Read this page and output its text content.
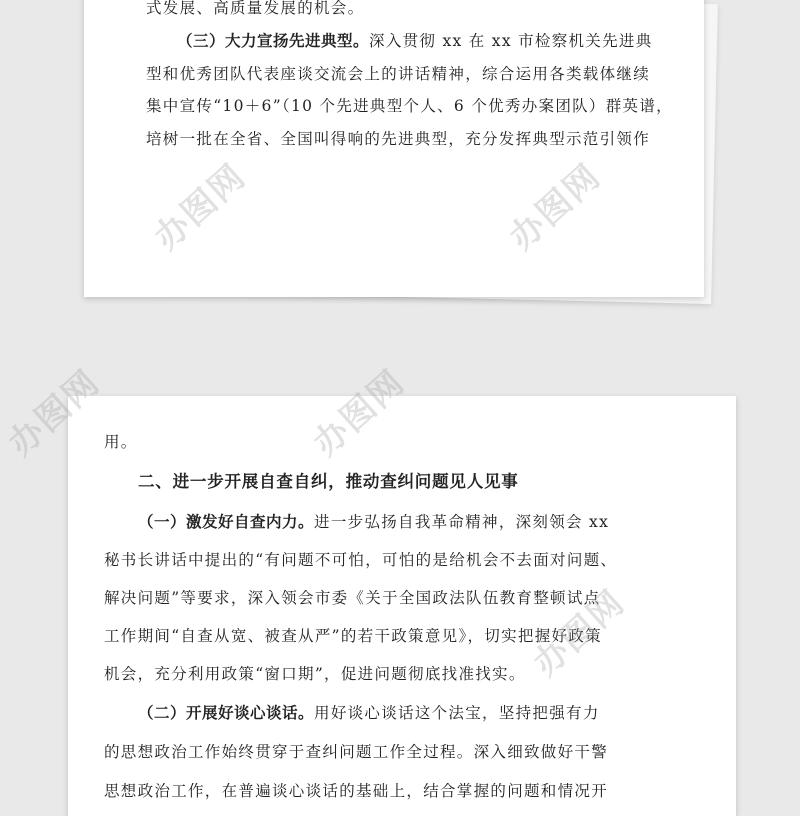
式发展、高质量发展的机会。
（三）大力宣扬先进典型。深入贯彻 xx 在 xx 市检察机关先进典
型和优秀团队代表座谈交流会上的讲话精神，综合运用各类载体继续
集中宣传“10＋6”（10 个先进典型个人、6 个优秀办案团队）群英谱，
培树一批在全省、全国叫得响的先进典型，充分发挥典型示范引领作
办图网	办图网
用。
二、进一步开展自查自纠，推动查纠问题见人见事
（一）激发好自查内力。进一步弘扬自我革命精神，深刻领会 xx
秘书长讲话中提出的“有问题不可怕，可怕的是给机会不去面对问题、
解决问题”等要求，深入领会市委《关于全国政法队伍教育整顿试点
工作期间“自查从宽、被查从严”的若干政策意见》，切实把握好政策
机会，充分利用政策“窗口期”，促进问题彻底找准找实。
（二）开展好谈心谈话。用好谈心谈话这个法宝，坚持把强有力
的思想政治工作始终贯穿于查纠问题工作全过程。深入细致做好干警
思想政治工作，在普遍谈心谈话的基础上，结合掌握的问题和情况开
办图网	办图网
办图网
